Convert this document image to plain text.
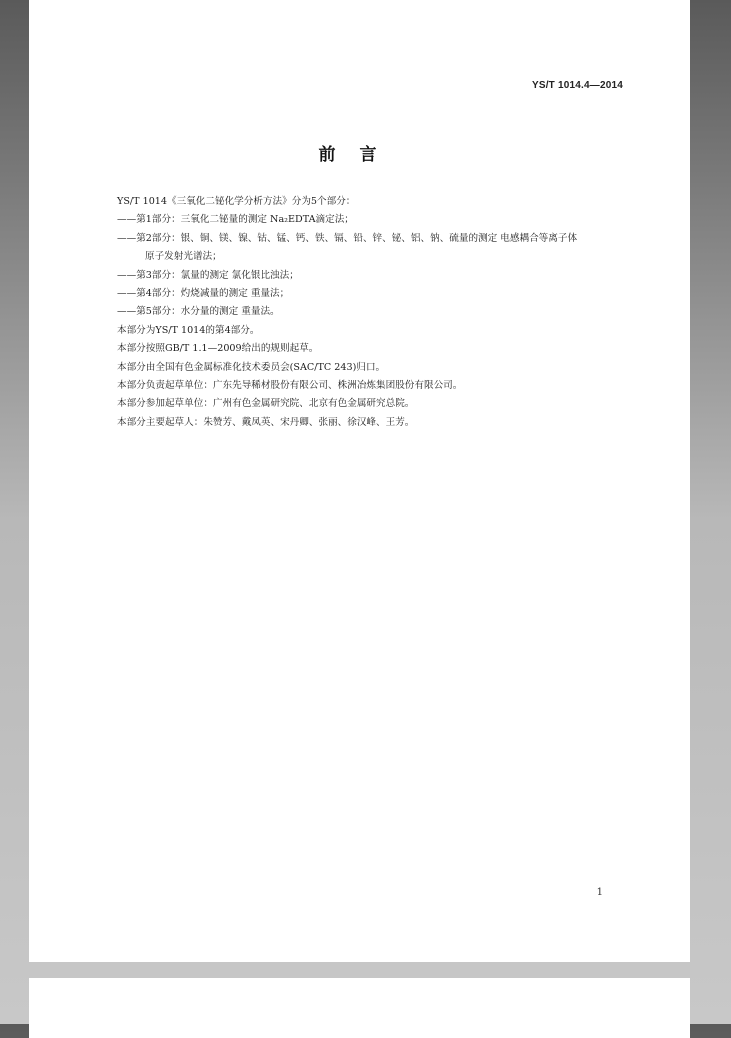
YS/T 1014.4—2014
前言
YS/T 1014《三氧化二铋化学分析方法》分为5个部分：
——第1部分：三氧化二铋量的测定 Na₂EDTA滴定法；
——第2部分：银、铜、镁、镍、钴、锰、钙、铁、镉、铅、锌、铋、铝、钠、硫量的测定 电感耦合等离子体
原子发射光谱法；
——第3部分：氯量的测定 氯化银比浊法；
——第4部分：灼烧减量的测定 重量法；
——第5部分：水分量的测定 重量法。
本部分为YS/T 1014的第4部分。
本部分按照GB/T 1.1—2009给出的规则起草。
本部分由全国有色金属标准化技术委员会(SAC/TC 243)归口。
本部分负责起草单位：广东先导稀材股份有限公司、株洲冶炼集团股份有限公司。
本部分参加起草单位：广州有色金属研究院、北京有色金属研究总院。
本部分主要起草人：朱赞芳、戴凤英、宋丹卿、张丽、徐汉峰、王芳。
1
